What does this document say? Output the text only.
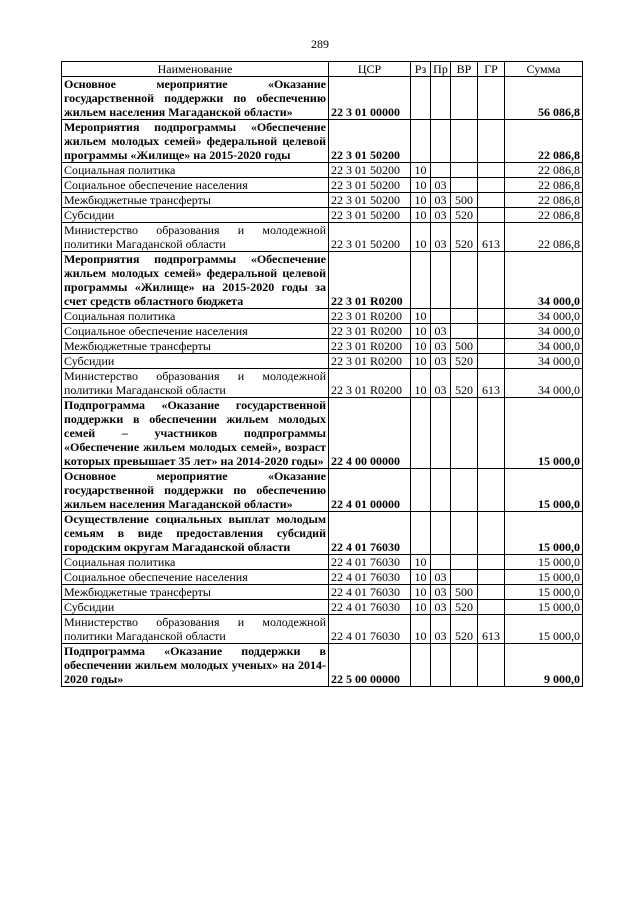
289
Наименование	ЦСР	Рз	Пр	ВР	ГР	Сумма
Основное мероприятие «Оказание государственной поддержки по обеспечению жильем населения Магаданской области»	22 3 01 00000					56 086,8
Мероприятия подпрограммы «Обеспечение жильем молодых семей» федеральной целевой программы «Жилище» на 2015-2020 годы	22 3 01 50200					22 086,8
Социальная политика	22 3 01 50200	10				22 086,8
Социальное обеспечение населения	22 3 01 50200	10	03			22 086,8
Межбюджетные трансферты	22 3 01 50200	10	03	500		22 086,8
Субсидии	22 3 01 50200	10	03	520		22 086,8
Министерство образования и молодежной политики Магаданской области	22 3 01 50200	10	03	520	613	22 086,8
Мероприятия подпрограммы «Обеспечение жильем молодых семей» федеральной целевой программы «Жилище» на 2015-2020 годы за счет средств областного бюджета	22 3 01 R0200					34 000,0
Социальная политика	22 3 01 R0200	10				34 000,0
Социальное обеспечение населения	22 3 01 R0200	10	03			34 000,0
Межбюджетные трансферты	22 3 01 R0200	10	03	500		34 000,0
Субсидии	22 3 01 R0200	10	03	520		34 000,0
Министерство образования и молодежной политики Магаданской области	22 3 01 R0200	10	03	520	613	34 000,0
Подпрограмма «Оказание государственной поддержки в обеспечении жильем молодых семей – участников подпрограммы «Обеспечение жильем молодых семей», возраст которых превышает 35 лет» на 2014-2020 годы»	22 4 00 00000					15 000,0
Основное мероприятие «Оказание государственной поддержки по обеспечению жильем населения Магаданской области»	22 4 01 00000					15 000,0
Осуществление социальных выплат молодым семьям в виде предоставления субсидий городским округам Магаданской области	22 4 01 76030					15 000,0
Социальная политика	22 4 01 76030	10				15 000,0
Социальное обеспечение населения	22 4 01 76030	10	03			15 000,0
Межбюджетные трансферты	22 4 01 76030	10	03	500		15 000,0
Субсидии	22 4 01 76030	10	03	520		15 000,0
Министерство образования и молодежной политики Магаданской области	22 4 01 76030	10	03	520	613	15 000,0
Подпрограмма «Оказание поддержки в обеспечении жильем молодых ученых» на 2014-2020 годы»	22 5 00 00000					9 000,0
